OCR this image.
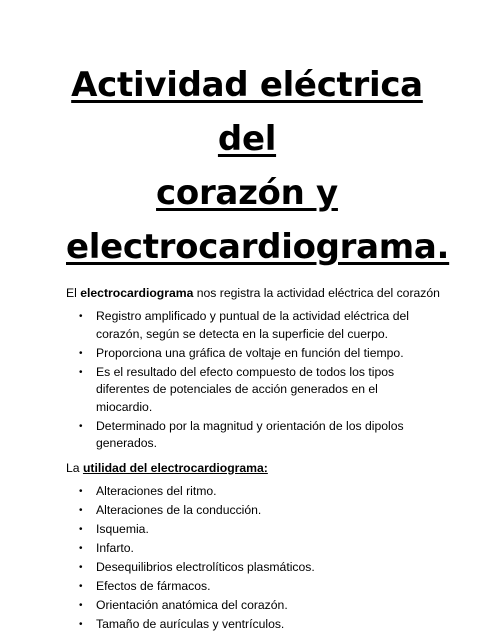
Actividad eléctrica del
corazón y
electrocardiograma.

El electrocardiograma nos registra la actividad eléctrica del corazón

• Registro amplificado y puntual de la actividad eléctrica del corazón, según se detecta en la superficie del cuerpo.
• Proporciona una gráfica de voltaje en función del tiempo.
• Es el resultado del efecto compuesto de todos los tipos diferentes de potenciales de acción generados en el miocardio.
• Determinado por la magnitud y orientación de los dipolos generados.

La utilidad del electrocardiograma:

• Alteraciones del ritmo.
• Alteraciones de la conducción.
• Isquemia.
• Infarto.
• Desequilibrios electrolíticos plasmáticos.
• Efectos de fármacos.
• Orientación anatómica del corazón.
• Tamaño de aurículas y ventrículos.
